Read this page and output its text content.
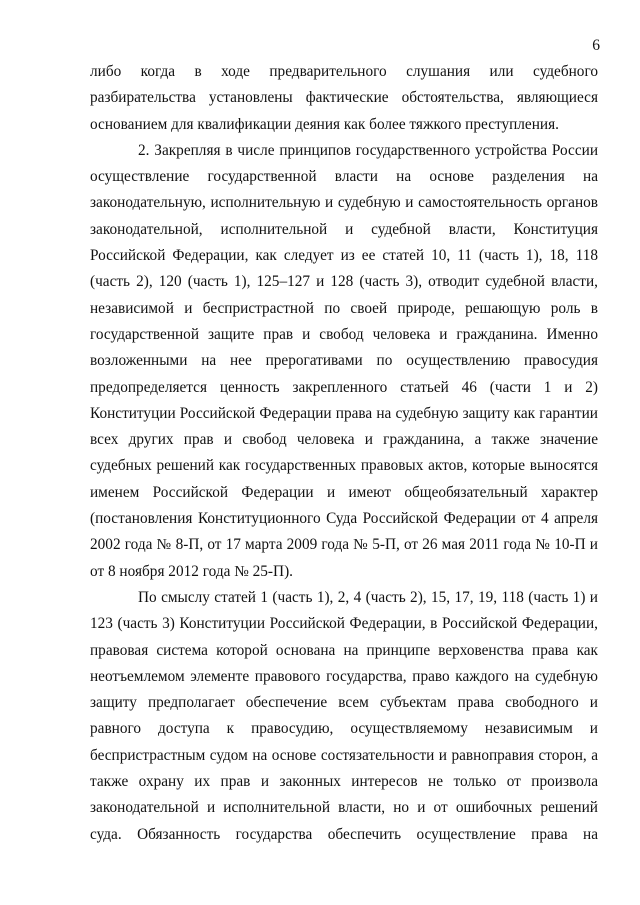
6

либо когда в ходе предварительного слушания или судебного

разбирательства установлены фактические обстоятельства, являющиеся

основанием для квалификации деяния как более тяжкого преступления.

2. Закрепляя в числе принципов государственного устройства России

осуществление государственной власти на основе разделения на

законодательную, исполнительную и судебную и самостоятельность органов

законодательной, исполнительной и судебной власти, Конституция

Российской Федерации, как следует из ее статей 10, 11 (часть 1), 18, 118

(часть 2), 120 (часть 1), 125–127 и 128 (часть 3), отводит судебной власти,

независимой и беспристрастной по своей природе, решающую роль в

государственной защите прав и свобод человека и гражданина. Именно

возложенными на нее прерогативами по осуществлению правосудия

предопределяется ценность закрепленного статьей 46 (части 1 и 2)

Конституции Российской Федерации права на судебную защиту как гарантии

всех других прав и свобод человека и гражданина, а также значение

судебных решений как государственных правовых актов, которые выносятся

именем Российской Федерации и имеют общеобязательный характер

(постановления Конституционного Суда Российской Федерации от 4 апреля

2002 года № 8-П, от 17 марта 2009 года № 5-П, от 26 мая 2011 года № 10-П и

от 8 ноября 2012 года № 25-П).

По смыслу статей 1 (часть 1), 2, 4 (часть 2), 15, 17, 19, 118 (часть 1) и

123 (часть 3) Конституции Российской Федерации, в Российской Федерации,

правовая система которой основана на принципе верховенства права как

неотъемлемом элементе правового государства, право каждого на судебную

защиту предполагает обеспечение всем субъектам права свободного и

равного доступа к правосудию, осуществляемому независимым и

беспристрастным судом на основе состязательности и равноправия сторон, а

также охрану их прав и законных интересов не только от произвола

законодательной и исполнительной власти, но и от ошибочных решений

суда. Обязанность государства обеспечить осуществление права на
